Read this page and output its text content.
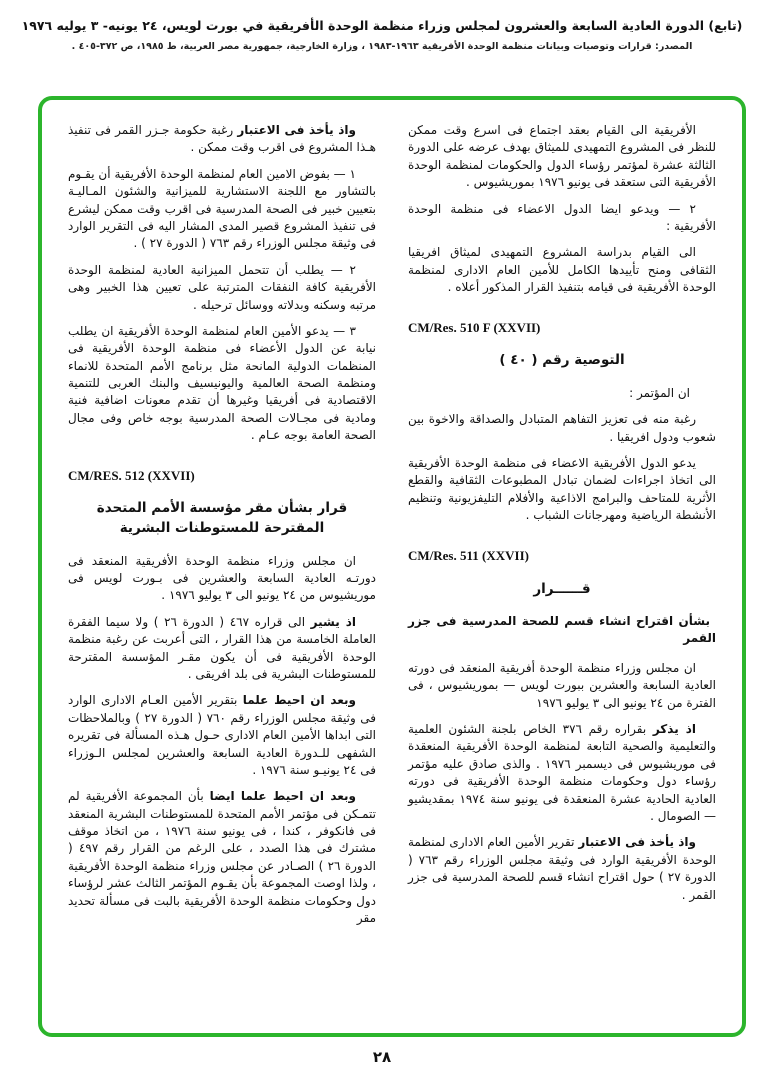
(تابع) الدورة العادية السابعة والعشرون لمجلس وزراء منظمة الوحدة الأفريقية في بورت لويس، ٢٤ يونيه- ٣ يوليه ١٩٧٦
المصدر: قرارات وتوصيات وبيانات منظمة الوحدة الأفريقية ١٩٦٣-١٩٨٣ ، وزارة الخارجية، جمهورية مصر العربية، ط ١٩٨٥، ص ٣٧٢-٤٠٥ .
الأفريقية الى القيام بعقد اجتماع فى اسرع وقت ممكن للنظر فى المشروع التمهيدى للميثاق بهدف عرضه على الدورة الثالثة عشرة لمؤتمر رؤساء الدول والحكومات لمنظمة الوحدة الأفريقية التى ستعقد فى يونيو ١٩٧٦ بموريشيوس .
٢ — ويدعو ايضا الدول الاعضاء فى منظمة الوحدة الأفريقية :
الى القيام بدراسة المشروع التمهيدى لميثاق افريقيا الثقافى ومنح تأييدها الكامل للأمين العام الادارى لمنظمة الوحدة الأفريقية فى قيامه بتنفيذ القرار المذكور أعلاه .
CM/Res. 510 F (XXVII)
التوصية رقم ( ٤٠ )
ان المؤتمر :
رغبة منه فى تعزيز التفاهم المتبادل والصداقة والاخوة بين شعوب ودول افريقيا .
يدعو الدول الأفريقية الاعضاء فى منظمة الوحدة الأفريقية الى اتخاذ اجراءات لضمان تبادل المطبوعات الثقافية والقطع الأثرية للمتاحف والبرامج الاذاعية والأفلام التليفزيونية وتنظيم الأنشطة الرياضية ومهرجانات الشباب .
CM/Res. 511 (XXVII)
قــــــرار
بشأن اقتراح انشاء قسم للصحة المدرسية فى جزر القمر
ان مجلس وزراء منظمة الوحدة أفريقية المنعقد فى دورته العادية السابعة والعشرين ببورت لويس — بموريشيوس ، فى الفترة من ٢٤ يونيو الى ٣ يوليو ١٩٧٦
اذ يذكر بقراره رقم ٣٧٦ الخاص بلجنة الشئون العلمية والتعليمية والصحية التابعة لمنظمة الوحدة الأفريقية المنعقدة فى موريشيوس فى ديسمبر ١٩٧٦ . والذى صادق عليه مؤتمر رؤساء دول وحكومات منظمة الوحدة الأفريقية فى دورته العادية الحادية عشرة المنعقدة فى يونيو سنة ١٩٧٤ بمقديشيو — الصومال .
واذ يأخذ فى الاعتبار تقرير الأمين العام الادارى لمنظمة الوحدة الأفريقية الوارد فى وثيقة مجلس الوزراء رقم ٧٦٣ ( الدورة ٢٧ ) حول اقتراح انشاء قسم للصحة المدرسية فى جزر القمر .
واذ يأخذ فى الاعتبار رغبة حكومة جـزر القمر فى تنفيذ هـذا المشروع فى اقرب وقت ممكن .
١ — بفوض الامين العام لمنظمة الوحدة الأفريقية أن يقـوم بالتشاور مع اللجنة الاستشارية للميزانية والشئون المـاليـة بتعيين خبير فى الصحة المدرسية فى اقرب وقت ممكن ليشرع فى تنفيذ المشروع قصير المدى المشار اليه فى التقرير الوارد فى وثيقة مجلس الوزراء رقم ٧٦٣ ( الدورة ٢٧ ) .
٢ — يطلب أن تتحمل الميزانية العادية لمنظمة الوحدة الأفريقية كافة النفقات المترتبة على تعيين هذا الخبير وهى مرتبه وسكنه وبدلاته ووسائل ترحيله .
٣ — يدعو الأمين العام لمنظمة الوحدة الأفريقية ان يطلب نيابة عن الدول الأعضاء فى منظمة الوحدة الأفريقية فى المنظمات الدولية المانحة مثل برنامج الأمم المتحدة للانماء ومنظمة الصحة العالمية واليونيسيف والبنك العربى للتنمية الاقتصادية فى أفريقيا وغيرها أن تقدم معونات اضافية فنية ومادية فى مجـالات الصحة المدرسية بوجه خاص وفى مجال الصحة العامة بوجه عـام .
CM/RES. 512 (XXVII)
قرار بشأن مقر مؤسسة الأمم المتحدة المقترحة للمستوطنات البشرية
ان مجلس وزراء منظمة الوحدة الأفريقية المنعقد فى دورتـه العادية السابعة والعشرين فى بـورت لويس فى موريشيوس من ٢٤ يونيو الى ٣ يوليو ١٩٧٦ .
اذ يشير الى قراره ٤٦٧ ( الدورة ٢٦ ) ولا سيما الفقرة العاملة الخامسة من هذا القرار ، التى أعربت عن رغبة منظمة الوحدة الأفريقية فى أن يكون مقـر المؤسسة المقترحة للمستوطنات البشرية فى بلد افريقى .
وبعد ان احيط علما بتقرير الأمين العـام الادارى الوارد فى وثيقة مجلس الوزراء رقم ٧٦٠ ( الدورة ٢٧ ) وبالملاحظات التى ابداها الأمين العام الادارى حـول هـذه المسألة فى تقريره الشفهى للـدورة العادية السابعة والعشرين لمجلس الـوزراء فى ٢٤ يونيـو سنة ١٩٧٦ .
وبعد ان احيط علما ايضا بأن المجموعة الأفريقية لم تتمـكن فى مؤتمر الأمم المتحدة للمستوطنات البشرية المنعقد فى فانكوفر ، كندا ، فى يونيو سنة ١٩٧٦ ، من اتخاذ موقف مشترك فى هذا الصدد ، على الرغم من القرار رقم ٤٩٧ ( الدورة ٢٦ ) الصـادر عن مجلس وزراء منظمة الوحدة الأفريقية ، ولذا اوصت المجموعة بأن يقـوم المؤتمر الثالث عشر لرؤساء دول وحكومات منظمة الوحدة الأفريقية بالبت فى مسألة تحديد مقر
٢٨
